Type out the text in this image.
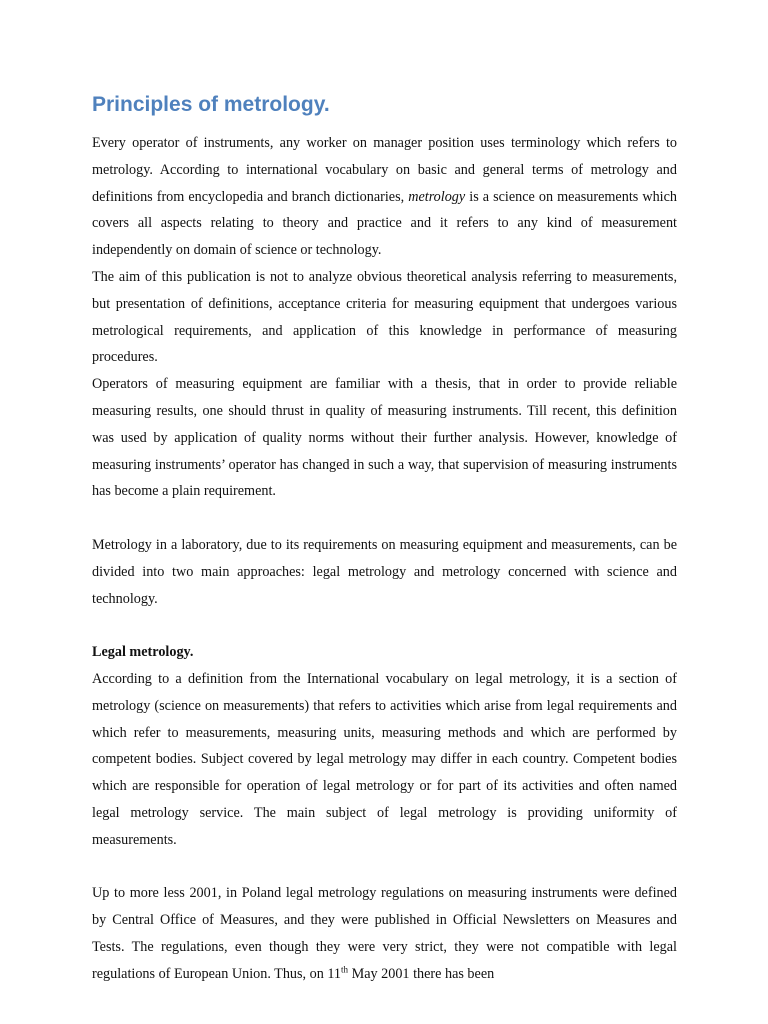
Principles of metrology.

Every operator of instruments, any worker on manager position uses terminology which refers to metrology. According to international vocabulary on basic and general terms of metrology and definitions from encyclopedia and branch dictionaries, metrology is a science on measurements which covers all aspects relating to theory and practice and it refers to any kind of measurement independently on domain of science or technology.

The aim of this publication is not to analyze obvious theoretical analysis referring to measurements, but presentation of definitions, acceptance criteria for measuring equipment that undergoes various metrological requirements, and application of this knowledge in performance of measuring procedures.

Operators of measuring equipment are familiar with a thesis, that in order to provide reliable measuring results, one should thrust in quality of measuring instruments. Till recent, this definition was used by application of quality norms without their further analysis. However, knowledge of measuring instruments’ operator has changed in such a way, that supervision of measuring instruments has become a plain requirement.

Metrology in a laboratory, due to its requirements on measuring equipment and measurements, can be divided into two main approaches: legal metrology and metrology concerned with science and technology.

Legal metrology.

According to a definition from the International vocabulary on legal metrology, it is a section of metrology (science on measurements) that refers to activities which arise from legal requirements and which refer to measurements, measuring units, measuring methods and which are performed by competent bodies. Subject covered by legal metrology may differ in each country. Competent bodies which are responsible for operation of legal metrology or for part of its activities and often named legal metrology service. The main subject of legal metrology is providing uniformity of measurements.

Up to more less 2001, in Poland legal metrology regulations on measuring instruments were defined by Central Office of Measures, and they were published in Official Newsletters on Measures and Tests. The regulations, even though they were very strict, they were not compatible with legal regulations of European Union. Thus, on 11th May 2001 there has been
